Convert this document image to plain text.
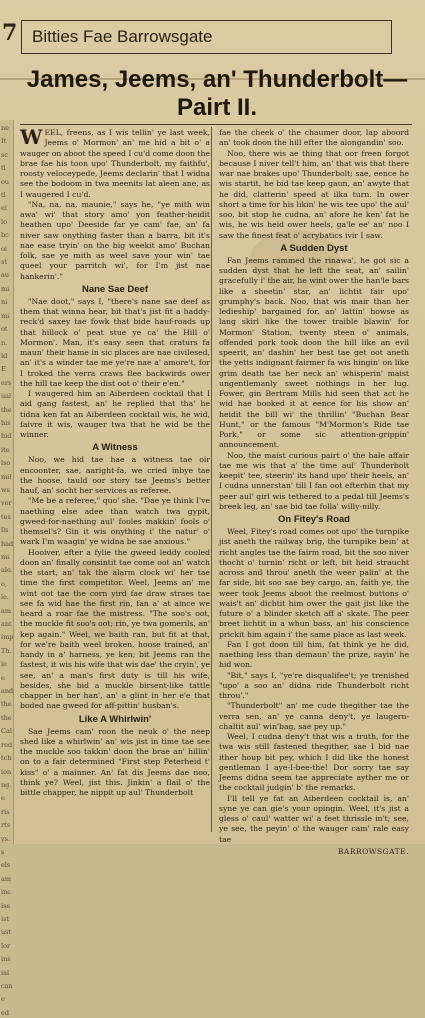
7 Bitties Fae Barrowsgate
James, Jeems, an' Thunderbolt— Pairt II.
ne
It
sc
tl
ou
tl
ei
lo
bc
oi
st
au
mi
ni
mi
ot
n.
ld
E
ers
ual
the
his
bid
ite
lso
mil
ws
ver
tes
lls
had
mi
ale.
o,
le.
am
ant
imp
Th.
ie
e
and
the
the
Cal
red
tch
ion
ng.
e
ris
rts
ys.
s
els
am
inc
ise
ist
ust
lor
ins
ial
can
e
ed

WEEL, freens, as I wis tellin' ye last week, Jeems o' Mormon' an' me hid a bit o' a wauger on aboot the speed I cu'd come doon the brae fae his toon upo' Thunderbolt, my faithfu', roosty veloceypede, Jeems declarin' that I widna see the bodoom in twa meenits lat aleen ane, as I waugered I cu'd.

"Na, na, na, maunie," says he, "ye mith win awa' wi' that story amo' yon feather-heidit heathen upo' Deeside far ye cam' fae, an' fa niver saw onything faster than a barra, bit it's nae ease tryin' on the big weekit amo' Buchan folk, sae ye mith as weel save your win' tae queel your parritch wi', for I'm jist nae hankerin'."

Nane Sae Deef

"Nae doot," says I, "there's nane sae deef as them that winna hear, bit that's jist fit a haddy-reck'd saxey tae fowk that bide hauf-roads up that hillock o' peat stue ye ca' the Hill o' Mormon'. Man, it's easy seen that craturs fa maun' their hame in sic places are nae civilesed, an' it's a winder tae me ye're nae a' amore't, for I troked the verra craws flee backwirds ower the hill tae keep the dist oot o' their e'en."

I waugered him an Aiberdeen cocktail that I aid gang fastest, an' he replied that tha' he tidna ken fat an Aiberdeen cocktail wis, he wid, faivre it wis, wauger twa that he wid be the winner.

A Witness

Noo, we hid tae hae a witness tae oir encoonter, sae, aaright-fa, we cried inbye tae the hoose, tauld oor story tae Jeems's better hauf, an' socht her services as referee.

"Me be a referee," quo' she. "Dae ye think I've naething else adee than watch twa gypit, gweed-for-naething aul' fooles makkin' fools o' themsel's? Gin it wis onything i' the natur' o' wark I'm waagin' ye widna be sae anxious."

Hooiver, efter a fylie the gweed leddy cooled doon an' finally consintit tae come oot an' watch the start, an' tak the alarm clock wi' her tae time the first competitor. Weel, Jeems an' me wint oot tae the corn yird fae draw straes tae see fa wid hae the first rin, fan a' at aince we heard a roar fae the mistress. "The soo's oot, the muckle fit soo's oot; rin, ye twa gomerils, an' kep again." Weel, we baith ran, but fit at that, for we're baith weel broken, hoose trained, an' handy in a' harness, ye ken; bit Jeems ran the fastest, it wis his wife that wis dae' the cryin', ye see, an' a man's first duty is till his wife, besides, she bid a muckle birsent-like tattle chapper in her han', an' a glint in her e'e that boded nae gweed for aff-pittin' husban's.

Like A Whirlwin'

Sae Jeems cam' roon the neuk o' the neep shed like a whirlwin' an' wis jist in time tae see the muckle soo takkin' doon the brae an' hillin' on to a fair determined "First step Peterheid t' kiss" o' a mainner. An' fat dis Jeems dae noo, think ye? Weel, jist this. Jinkin' a flail o' the bittle chapper, he nippit up aul' Thunderbolt

fae the cheek o' the chaumer door, lap aboord an' took doon the hill efter the alongandin' soo.

Noo, there wis ae thing that oor freen forgot because I niver tell't him, an' that wis that there war nae brakes upo' Thunderbolt; sae, eence he wis startit, he bid tae keep gaun, an' awyte that he did, clatterin' speed at ilka turn. In ower short a time for his likin' he wis tee upo' the aul' soo, bit stop he cudna, an' afore he ken' fat he wis, he wis heid ower heels, ga'le ee' an' noo I saw the finest feat o' acrybatics ivir I saw.

A Sudden Dyst

Fan Jeems rammed the rinawa', he got sic a sudden dyst that he left the seat, an' sailin' gracefully i' the air, he wint ower the han'le bars like a sheetin' star, an' lichtit fair upo' grumphy's back. Noo, that wis mair than her ledieship' bargained for, an' lattin' howse as lang skirl like the tower traible blawin' for Mormon' Station, twenty steen o' animals, offended pork took doon the hill like an evil speerit, an' dashin' her best tae get oot aneth the yetts indignant fairmer fa wis hingin' on like grim death tae her neck an' whisperin' maist ungentlemanly sweet nothings in her lug. Fower, gin Bertram Mills hid seen that act he wid hae booked it at eence for his show an' heidit the bill wi' the thrillin' "Buchan Bear Hunt," or the famous "M'Mormon's Ride tae Pork," or some sic attention-grippin' announcement.

Noo, the maist curious pairt o' the hale affair tae me wis that a' the time aul' Thunderbolt keepit' tee, steerin' its hand upo' their heels, an' I cudna unnerstan' till I fan oot efterhin that my peer aul' girl wis tethered to a pedal till Jeems's breek leg, an' sae bid tae folla' willy-nilly.

On Fitey's Road

Weel, Fitey's road comes oot upo' the turnpike jist aneth the railway brig, the turnpike bein' at richt angles tae the fairm road, bit the soo niver thocht o' turnin' richt or left, bit heid straucht across and throu' aneth the weer palin' at the far side, bit soo sae bey cargo, an, faith ye, the weer took Jeems aboot the reelmost buttons o' wais't an' dichtit him ower the gait jist like the future o' a blinder sketch aff a' skate. The peer breet lichtit in a whun bass, an' his conscience prickit him again i' the same place as last week.

Fan I got doon till him, fat think ye he did, naething less than demaun' the prize, sayin' he hid won.

"Bit," says I, "ye're disqualifee't; ye trenished "upo' a soo an' didna ride Thunderbolt richt throu'."

"Thunderbolt" an' me cude thegither tae the verra sen, an' ye canna deny't, ye laugern-chaltit aul' win'bag, sae pey up."

Weel, I cudna deny't that wis a truth, for the twa wis still fastened thegither, sae I bid nae ither houp bit pey, which I did like the honest gentleman I aye-I-bee-the! Dor sorry tae say Jeems didna seem tae appreciate ayther me or the cocktail judgin' b' the remarks.

I'll tell ye fat an Aiberdeen cocktail is, an' syne ye can gie's your opingin. Weel, it's jist a gless o' caul' watter wi' a feet thrissle in't; see, ye see, the peyin' o' the wauger cam' rale easy tae

BARROWSGATE.
